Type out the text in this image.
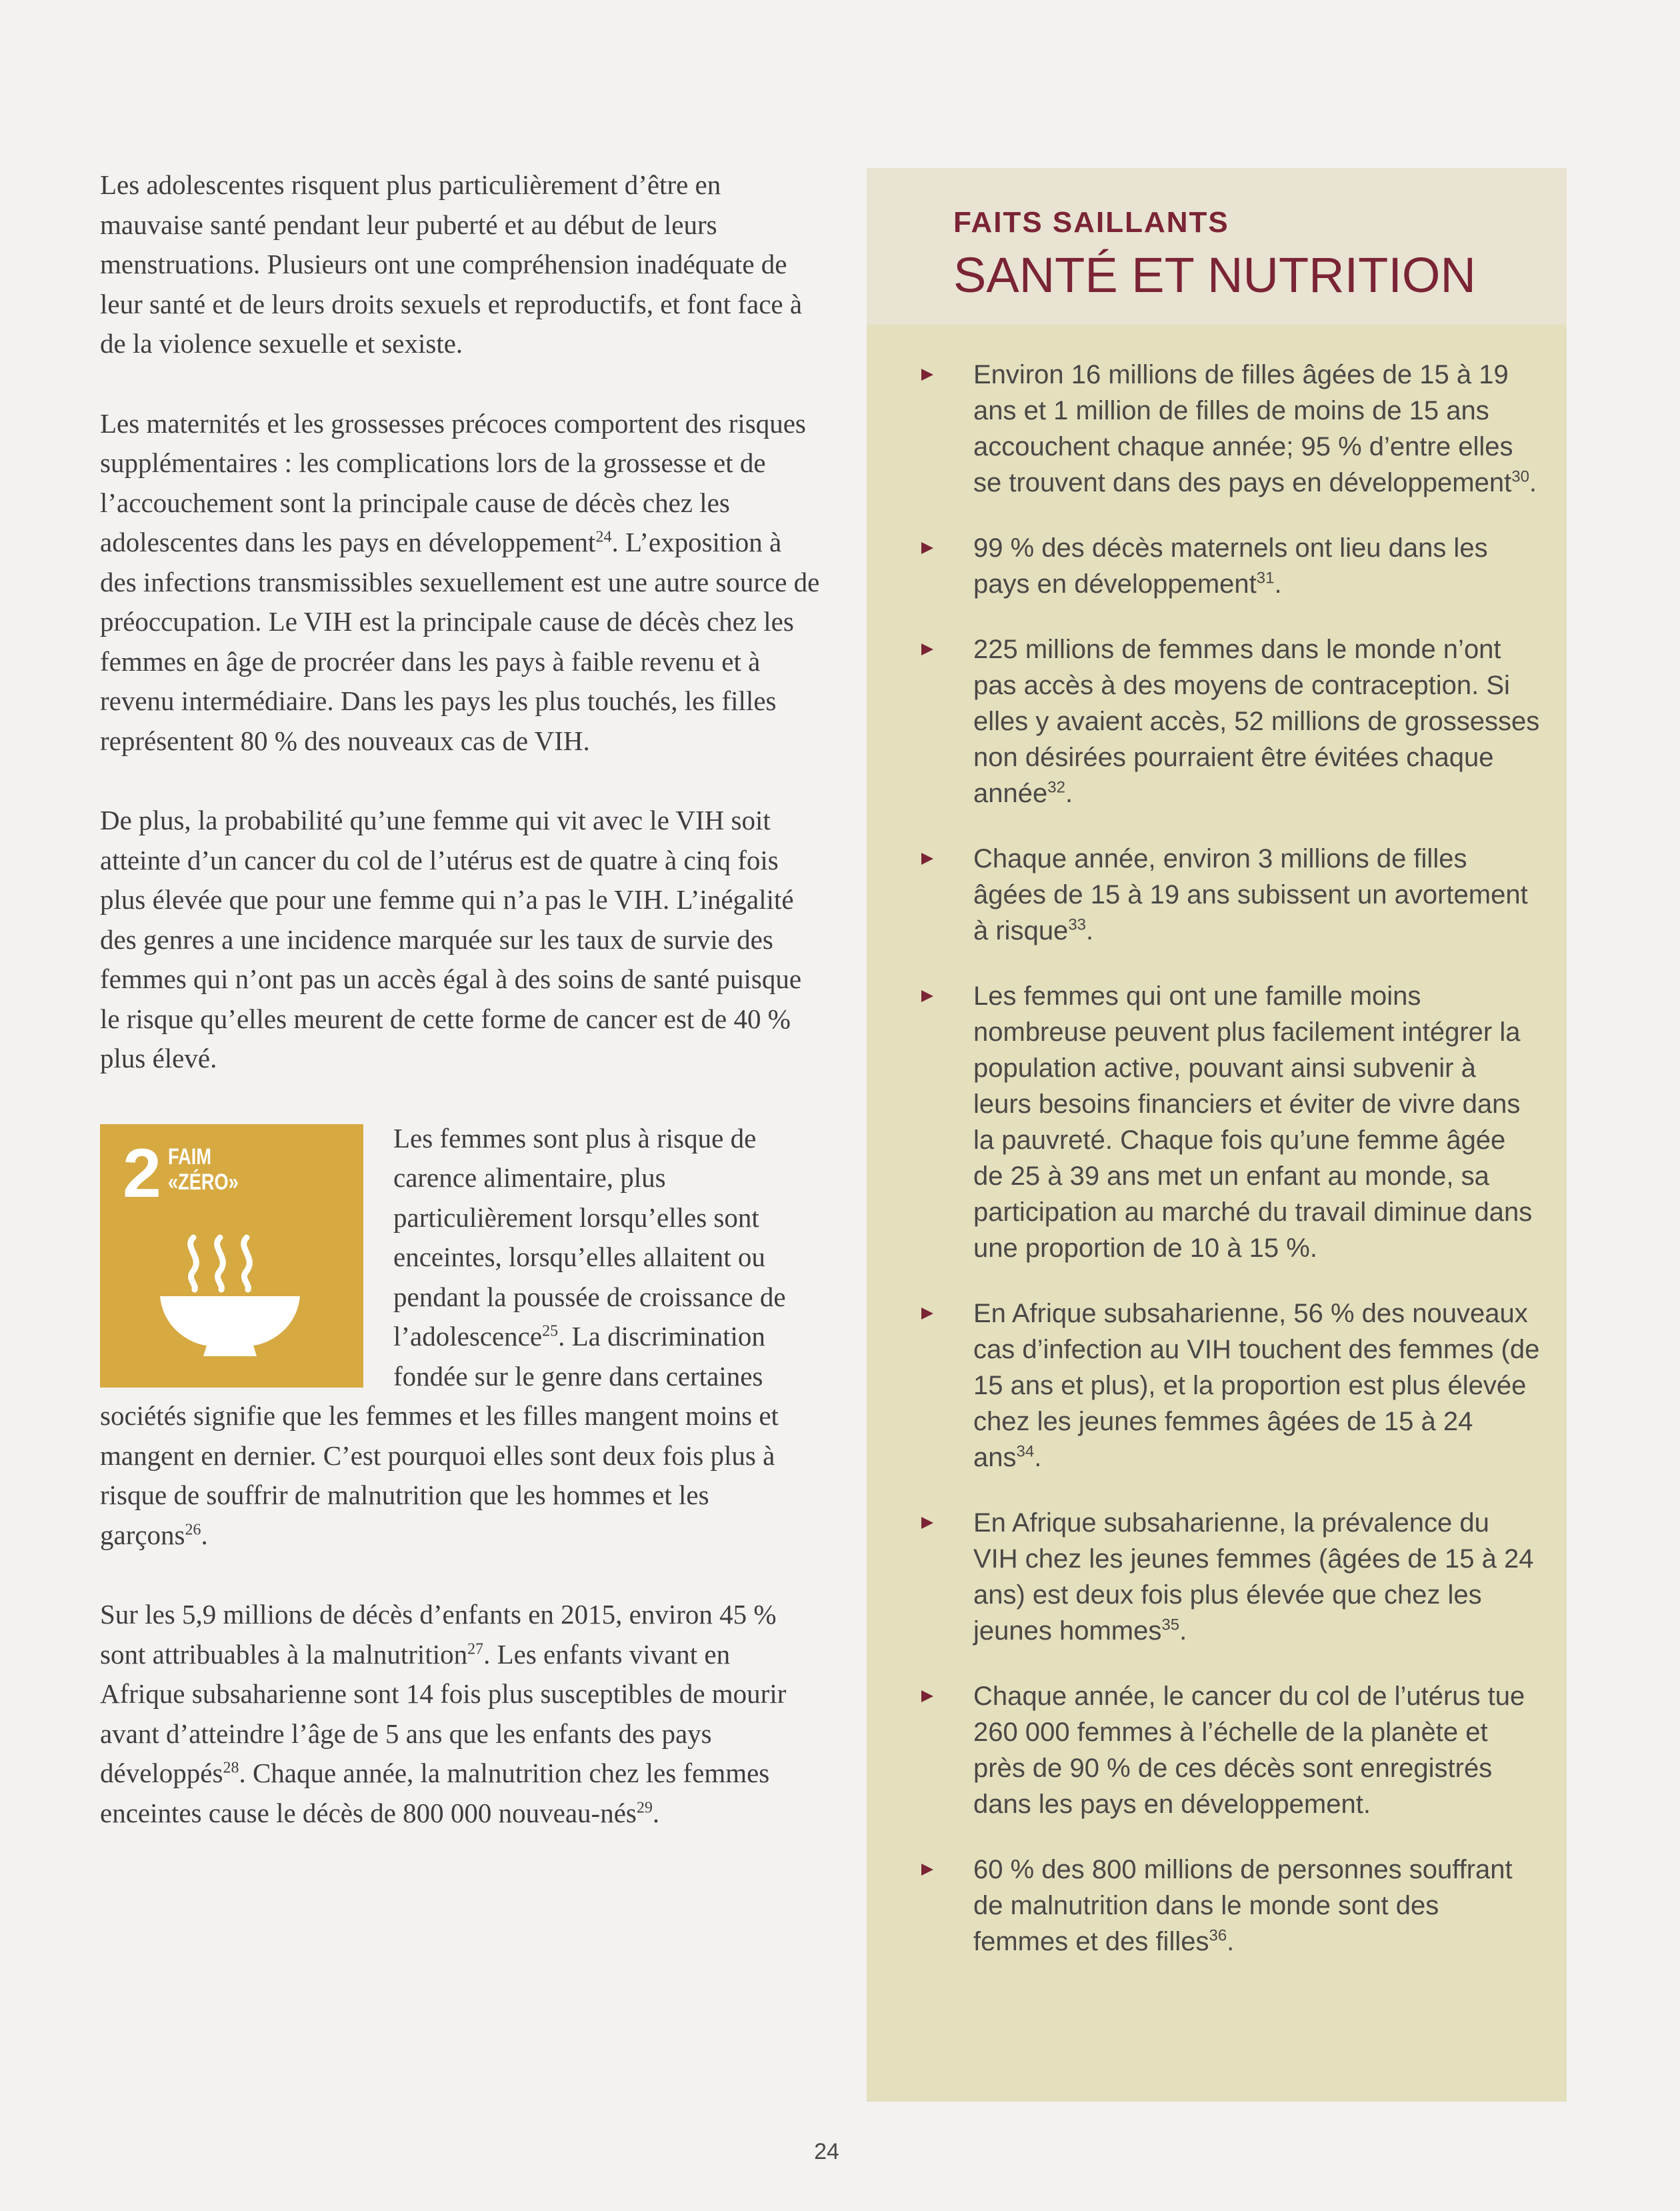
Les adolescentes risquent plus particulièrement d’être en mauvaise santé pendant leur puberté et au début de leurs menstruations. Plusieurs ont une compréhension inadéquate de leur santé et de leurs droits sexuels et reproductifs, et font face à de la violence sexuelle et sexiste.

Les maternités et les grossesses précoces comportent des risques supplémentaires : les complications lors de la grossesse et de l’accouchement sont la principale cause de décès chez les adolescentes dans les pays en développement$^{24}$. L’exposition à des infections transmissibles sexuellement est une autre source de préoccupation. Le VIH est la principale cause de décès chez les femmes en âge de procréer dans les pays à faible revenu et à revenu intermédiaire. Dans les pays les plus touchés, les filles représentent 80 % des nouveaux cas de VIH.

De plus, la probabilité qu’une femme qui vit avec le VIH soit atteinte d’un cancer du col de l’utérus est de quatre à cinq fois plus élevée que pour une femme qui n’a pas le VIH. L’inégalité des genres a une incidence marquée sur les taux de survie des femmes qui n’ont pas un accès égal à des soins de santé puisque le risque qu’elles meurent de cette forme de cancer est de 40 % plus élevé.

2 FAIM
«ZÉRO»

Les femmes sont plus à risque de carence alimentaire, plus particulièrement lorsqu’elles sont enceintes, lorsqu’elles allaitent ou pendant la poussée de croissance de l’adolescence$^{25}$. La discrimination fondée sur le genre dans certaines sociétés signifie que les femmes et les filles mangent moins et mangent en dernier. C’est pourquoi elles sont deux fois plus à risque de souffrir de malnutrition que les hommes et les garçons$^{26}$.

Sur les 5,9 millions de décès d’enfants en 2015, environ 45 % sont attribuables à la malnutrition$^{27}$. Les enfants vivant en Afrique subsaharienne sont 14 fois plus susceptibles de mourir avant d’atteindre l’âge de 5 ans que les enfants des pays développés$^{28}$. Chaque année, la malnutrition chez les femmes enceintes cause le décès de 800 000 nouveau-nés$^{29}$.

FAITS SAILLANTS
SANTÉ ET NUTRITION
Environ 16 millions de filles âgées de 15 à 19 ans et 1 million de filles de moins de 15 ans accouchent chaque année; 95 % d’entre elles se trouvent dans des pays en développement$^{30}$.
99 % des décès maternels ont lieu dans les pays en développement$^{31}$.
225 millions de femmes dans le monde n’ont pas accès à des moyens de contraception. Si elles y avaient accès, 52 millions de grossesses non désirées pourraient être évitées chaque année$^{32}$.
Chaque année, environ 3 millions de filles âgées de 15 à 19 ans subissent un avortement à risque$^{33}$.
Les femmes qui ont une famille moins nombreuse peuvent plus facilement intégrer la population active, pouvant ainsi subvenir à leurs besoins financiers et éviter de vivre dans la pauvreté. Chaque fois qu’une femme âgée de 25 à 39 ans met un enfant au monde, sa participation au marché du travail diminue dans une proportion de 10 à 15 %.
En Afrique subsaharienne, 56 % des nouveaux cas d’infection au VIH touchent des femmes (de 15 ans et plus), et la proportion est plus élevée chez les jeunes femmes âgées de 15 à 24 ans$^{34}$.
En Afrique subsaharienne, la prévalence du VIH chez les jeunes femmes (âgées de 15 à 24 ans) est deux fois plus élevée que chez les jeunes hommes$^{35}$.
Chaque année, le cancer du col de l’utérus tue 260 000 femmes à l’échelle de la planète et près de 90 % de ces décès sont enregistrés dans les pays en développement.
60 % des 800 millions de personnes souffrant de malnutrition dans le monde sont des femmes et des filles$^{36}$.
24
